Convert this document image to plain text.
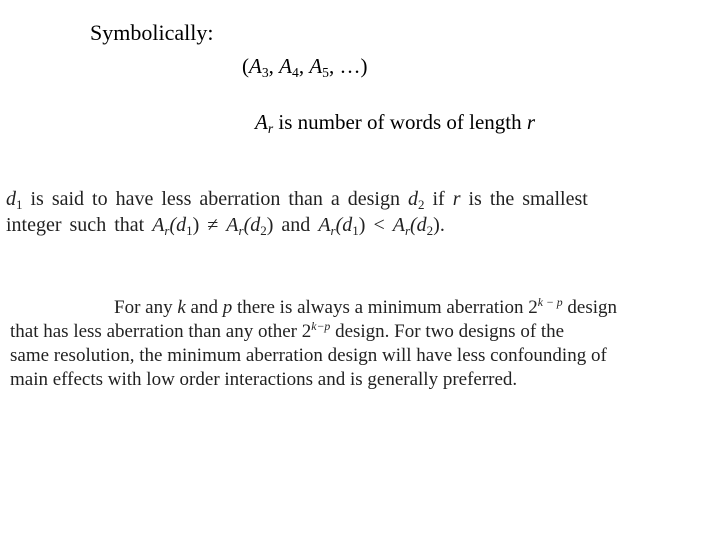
Symbolically:
($A_3$, $A_4$, $A_5$, …)
$A_r$ is number of words of length r
$d_1$ is said to have less aberration than a design $d_2$ if r is the smallest
integer such that $A_r(d_1) \ne A_r(d_2)$ and $A_r(d_1) < A_r(d_2)$.
For any k and p there is always a minimum aberration $2^{k - p}$ design
that has less aberration than any other $2^{k-p}$ design. For two designs of the
same resolution, the minimum aberration design will have less confounding of
main effects with low order interactions and is generally preferred.
